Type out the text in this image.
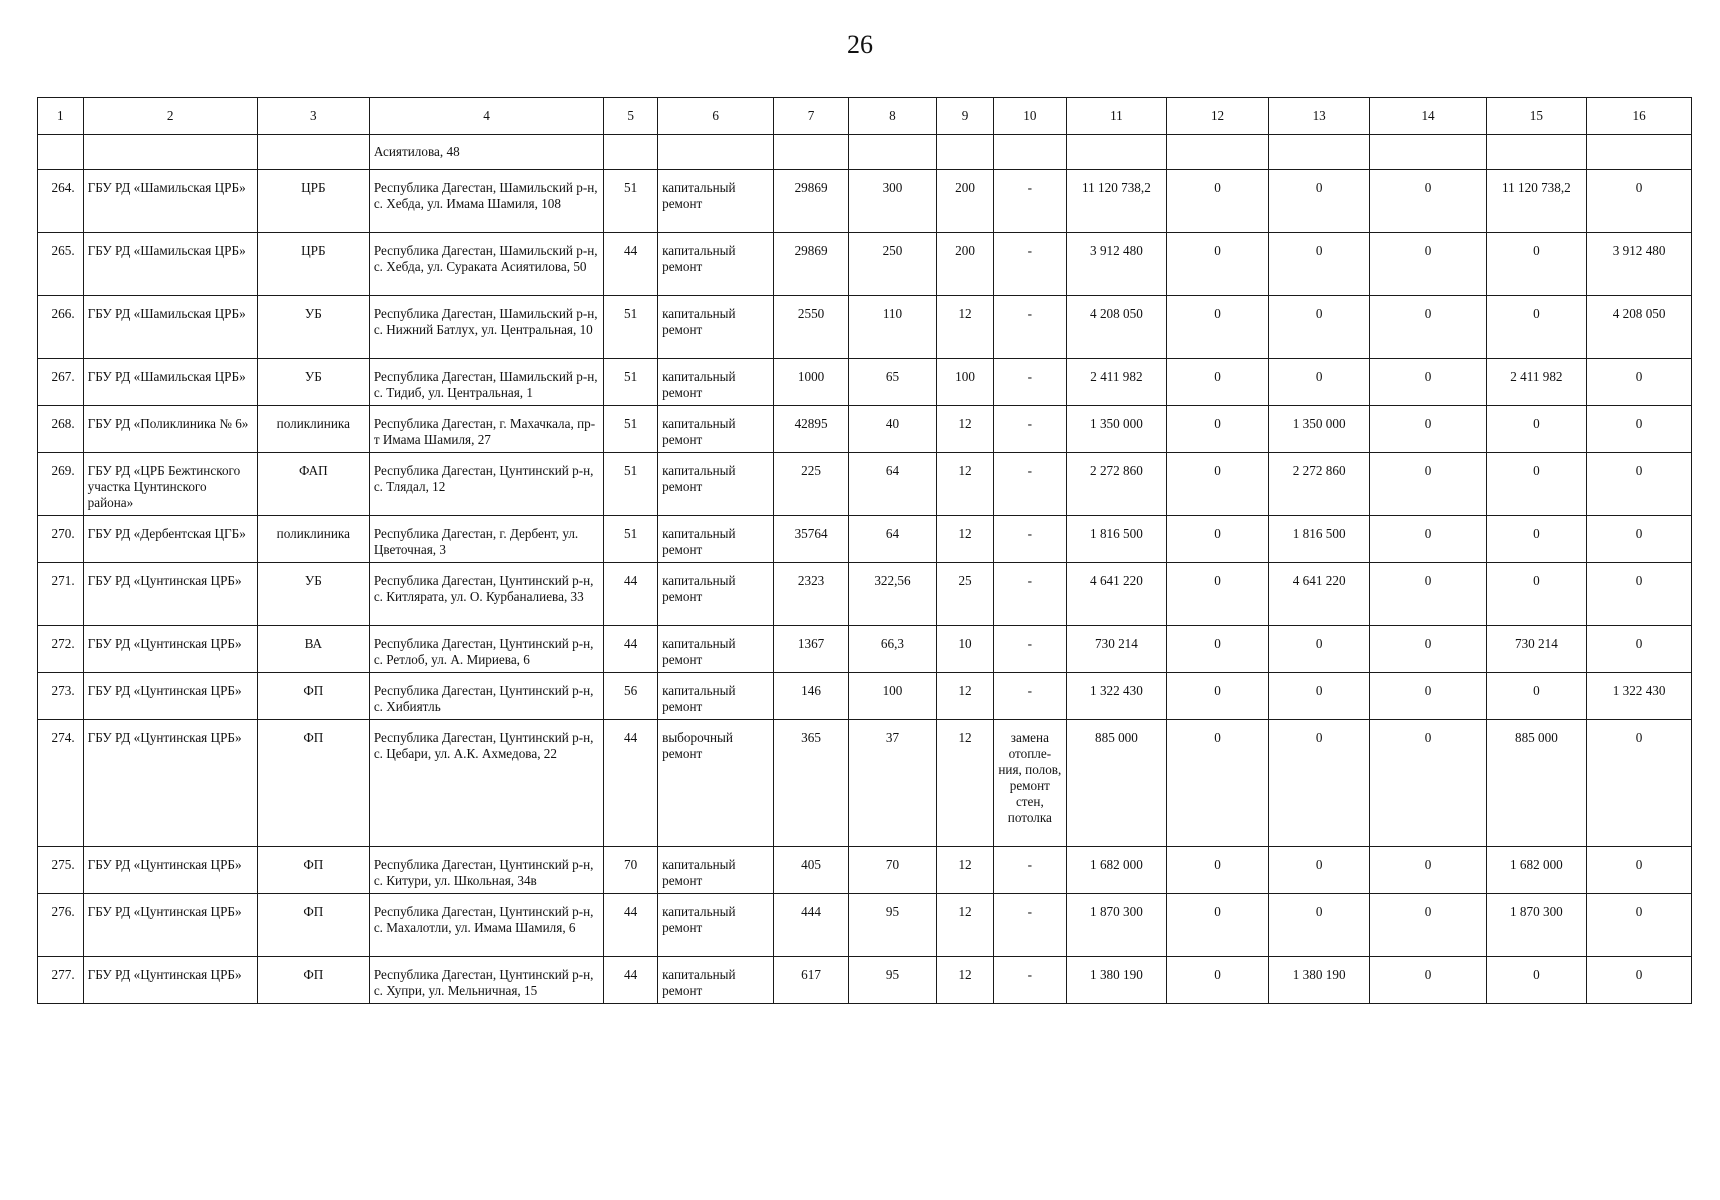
26
1	2	3	4	5	6	7	8	9	10	11	12	13	14	15	16
			Асиятилова, 48												
264.	ГБУ РД «Шамильская ЦРБ»	ЦРБ	Республика Дагестан, Шамильский р-н, с. Хебда, ул. Имама Шамиля, 108	51	капитальный ремонт	29869	300	200	-	11 120 738,2	0	0	0	11 120 738,2	0
265.	ГБУ РД «Шамильская ЦРБ»	ЦРБ	Республика Дагестан, Шамильский р-н, с. Хебда, ул. Сураката Асиятилова, 50	44	капитальный ремонт	29869	250	200	-	3 912 480	0	0	0	0	3 912 480
266.	ГБУ РД «Шамильская ЦРБ»	УБ	Республика Дагестан, Шамильский р-н, с. Нижний Батлух, ул. Центральная, 10	51	капитальный ремонт	2550	110	12	-	4 208 050	0	0	0	0	4 208 050
267.	ГБУ РД «Шамильская ЦРБ»	УБ	Республика Дагестан, Шамильский р-н, с. Тидиб, ул. Центральная, 1	51	капитальный ремонт	1000	65	100	-	2 411 982	0	0	0	2 411 982	0
268.	ГБУ РД «Поликлиника № 6»	поликлиника	Республика Дагестан, г. Махачкала, пр-т Имама Шамиля, 27	51	капитальный ремонт	42895	40	12	-	1 350 000	0	1 350 000	0	0	0
269.	ГБУ РД «ЦРБ Бежтинского участка Цунтинского района»	ФАП	Республика Дагестан, Цунтинский р-н, с. Тлядал, 12	51	капитальный ремонт	225	64	12	-	2 272 860	0	2 272 860	0	0	0
270.	ГБУ РД «Дербентская ЦГБ»	поликлиника	Республика Дагестан, г. Дербент, ул. Цветочная, 3	51	капитальный ремонт	35764	64	12	-	1 816 500	0	1 816 500	0	0	0
271.	ГБУ РД «Цунтинская ЦРБ»	УБ	Республика Дагестан, Цунтинский р-н, с. Китлярата, ул. О. Курбаналиева, 33	44	капитальный ремонт	2323	322,56	25	-	4 641 220	0	4 641 220	0	0	0
272.	ГБУ РД «Цунтинская ЦРБ»	ВА	Республика Дагестан, Цунтинский р-н, с. Ретлоб, ул. А. Мириева, 6	44	капитальный ремонт	1367	66,3	10	-	730 214	0	0	0	730 214	0
273.	ГБУ РД «Цунтинская ЦРБ»	ФП	Республика Дагестан, Цунтинский р-н, с. Хибиятль	56	капитальный ремонт	146	100	12	-	1 322 430	0	0	0	0	1 322 430
274.	ГБУ РД «Цунтинская ЦРБ»	ФП	Республика Дагестан, Цунтинский р-н, с. Цебари, ул. А.К. Ахмедова, 22	44	выборочный ремонт	365	37	12	замена отопле-ния, полов, ремонт стен, потолка	885 000	0	0	0	885 000	0
275.	ГБУ РД «Цунтинская ЦРБ»	ФП	Республика Дагестан, Цунтинский р-н, с. Китури, ул. Школьная, 34в	70	капитальный ремонт	405	70	12	-	1 682 000	0	0	0	1 682 000	0
276.	ГБУ РД «Цунтинская ЦРБ»	ФП	Республика Дагестан, Цунтинский р-н, с. Махалотли, ул. Имама Шамиля, 6	44	капитальный ремонт	444	95	12	-	1 870 300	0	0	0	1 870 300	0
277.	ГБУ РД «Цунтинская ЦРБ»	ФП	Республика Дагестан, Цунтинский р-н, с. Хупри, ул. Мельничная, 15	44	капитальный ремонт	617	95	12	-	1 380 190	0	1 380 190	0	0	0
